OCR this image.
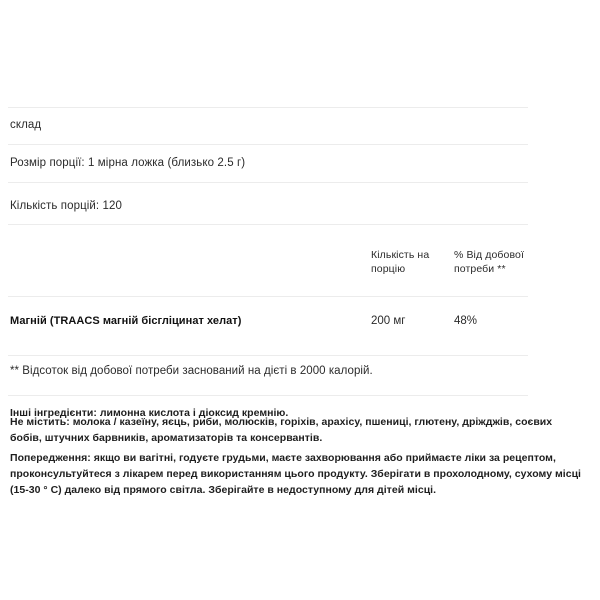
склад
Розмір порції: 1 мірна ложка (близько 2.5 г)
Кількість порцій: 120
Кількість на порцію
% Від добової потреби **
Магній (TRAACS магній бісгліцинат хелат)	200 мг	48%
** Відсоток від добової потреби заснований на дієті в 2000 калорій.
Інші інгредієнти: лимонна кислота і діоксид кремнію.
Не містить: молока / казеїну, яєць, риби, молюсків, горіхів, арахісу, пшениці, глютену, дріжджів, соєвих бобів, штучних барвників, ароматизаторів та консервантів.
Попередження: якщо ви вагітні, годуєте грудьми, маєте захворювання або приймаєте ліки за рецептом, проконсультуйтеся з лікарем перед використанням цього продукту. Зберігати в прохолодному, сухому місці (15-30 ° C) далеко від прямого світла. Зберігайте в недоступному для дітей місці.
